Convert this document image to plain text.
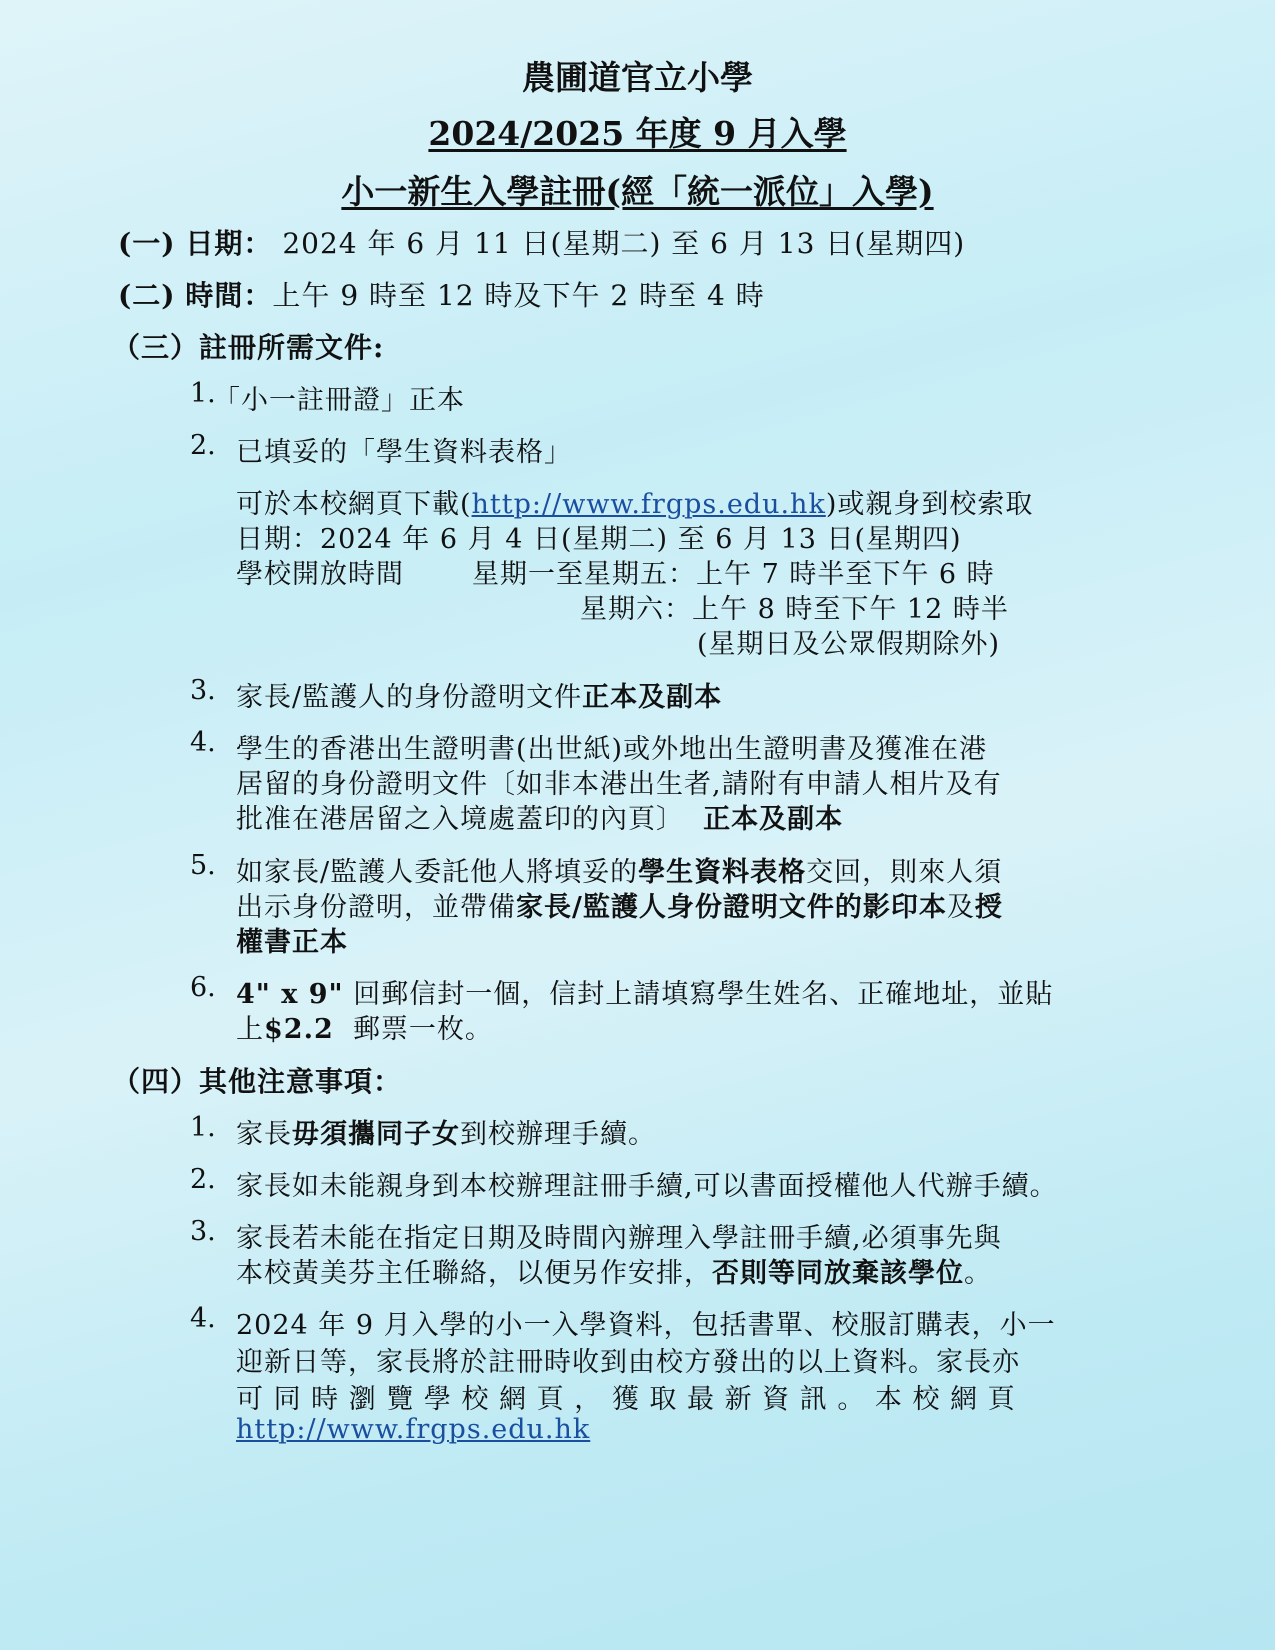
農圃道官立小學
2024/2025 年度 9 月入學
小一新生入學註冊(經「統一派位」入學)
(一) 日期： 2024 年 6 月 11 日(星期二) 至 6 月 13 日(星期四)
(二) 時間：上午 9 時至 12 時及下午 2 時至 4 時
（三）註冊所需文件:
1.
「小一註冊證」正本
2. 已填妥的「學生資料表格」
可於本校網頁下載(http://www.frgps.edu.hk)或親身到校索取
日期：2024 年 6 月 4 日(星期二) 至 6 月 13 日(星期四)
學校開放時間	星期一至星期五：上午 7 時半至下午 6 時
星期六：上午 8 時至下午 12 時半
(星期日及公眾假期除外)
3. 家長/監護人的身份證明文件正本及副本
4. 學生的香港出生證明書(出世紙)或外地出生證明書及獲准在港
居留的身份證明文件〔如非本港出生者,請附有申請人相片及有
批准在港居留之入境處蓋印的內頁〕 正本及副本
5. 如家長/監護人委託他人將填妥的學生資料表格交回，則來人須
出示身份證明，並帶備家長/監護人身份證明文件的影印本及授
權書正本
6. 4" x 9" 回郵信封一個，信封上請填寫學生姓名、正確地址，並貼
上$2.2 郵票一枚。
（四）其他注意事項：
1. 家長毋須攜同子女到校辦理手續。
2. 家長如未能親身到本校辦理註冊手續,可以書面授權他人代辦手續。
3. 家長若未能在指定日期及時間內辦理入學註冊手續,必須事先與
本校黃美芬主任聯絡，以便另作安排，否則等同放棄該學位。
4. 2024 年 9 月入學的小一入學資料，包括書單、校服訂購表，小一
迎新日等，家長將於註冊時收到由校方發出的以上資料。家長亦
可 同 時 瀏 覽 學 校 網 頁 ， 獲 取 最 新 資 訊 。 本 校 網 頁
http://www.frgps.edu.hk
